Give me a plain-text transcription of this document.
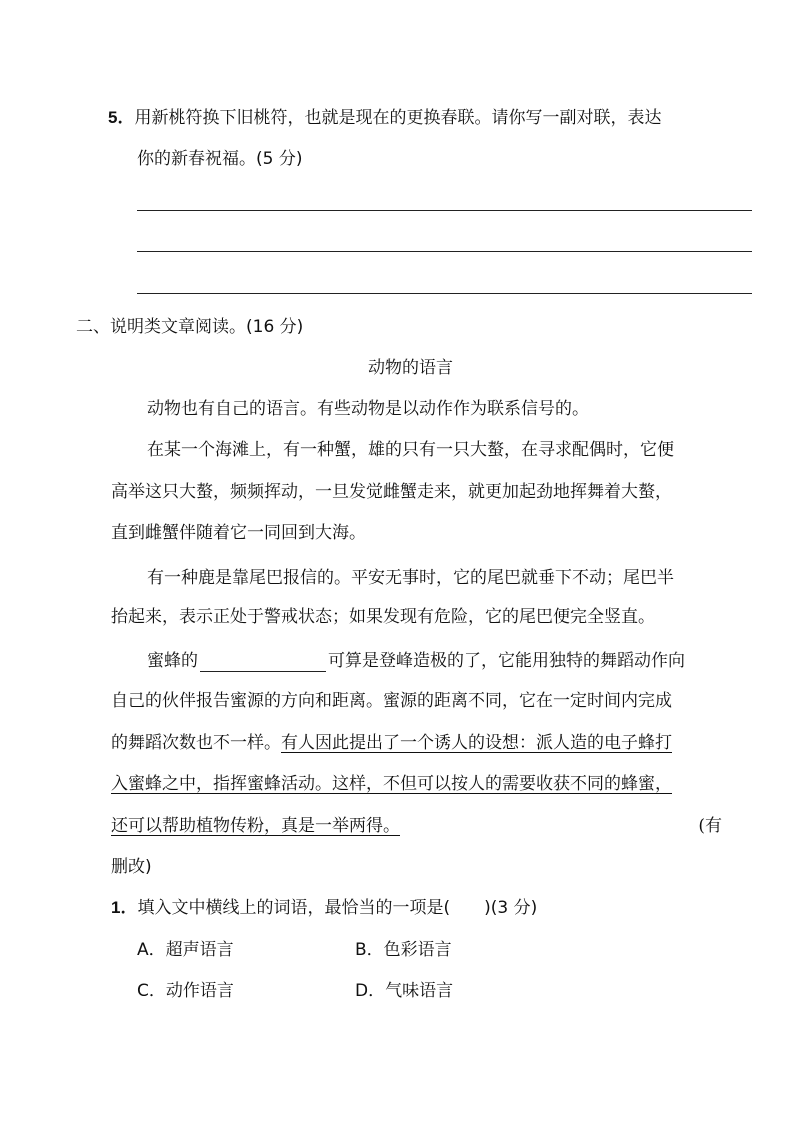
5．用新桃符换下旧桃符，也就是现在的更换春联。请你写一副对联，表达
你的新春祝福。(5 分)
二、说明类文章阅读。(16 分)
动物的语言
动物也有自己的语言。有些动物是以动作作为联系信号的。
在某一个海滩上，有一种蟹，雄的只有一只大螯，在寻求配偶时，它便
高举这只大螯，频频挥动，一旦发觉雌蟹走来，就更加起劲地挥舞着大螯，
直到雌蟹伴随着它一同回到大海。
有一种鹿是靠尾巴报信的。平安无事时，它的尾巴就垂下不动；尾巴半
抬起来，表示正处于警戒状态；如果发现有危险，它的尾巴便完全竖直。
蜜蜂的	可算是登峰造极的了，它能用独特的舞蹈动作向
自己的伙伴报告蜜源的方向和距离。蜜源的距离不同，它在一定时间内完成
的舞蹈次数也不一样。有人因此提出了一个诱人的设想：派人造的电子蜂打
入蜜蜂之中，指挥蜜蜂活动。这样，不但可以按人的需要收获不同的蜂蜜，
还可以帮助植物传粉，真是一举两得。	(有
删改)
1．填入文中横线上的词语，最恰当的一项是(　　)(3 分)
A．超声语言	B．色彩语言
C．动作语言	D．气味语言
